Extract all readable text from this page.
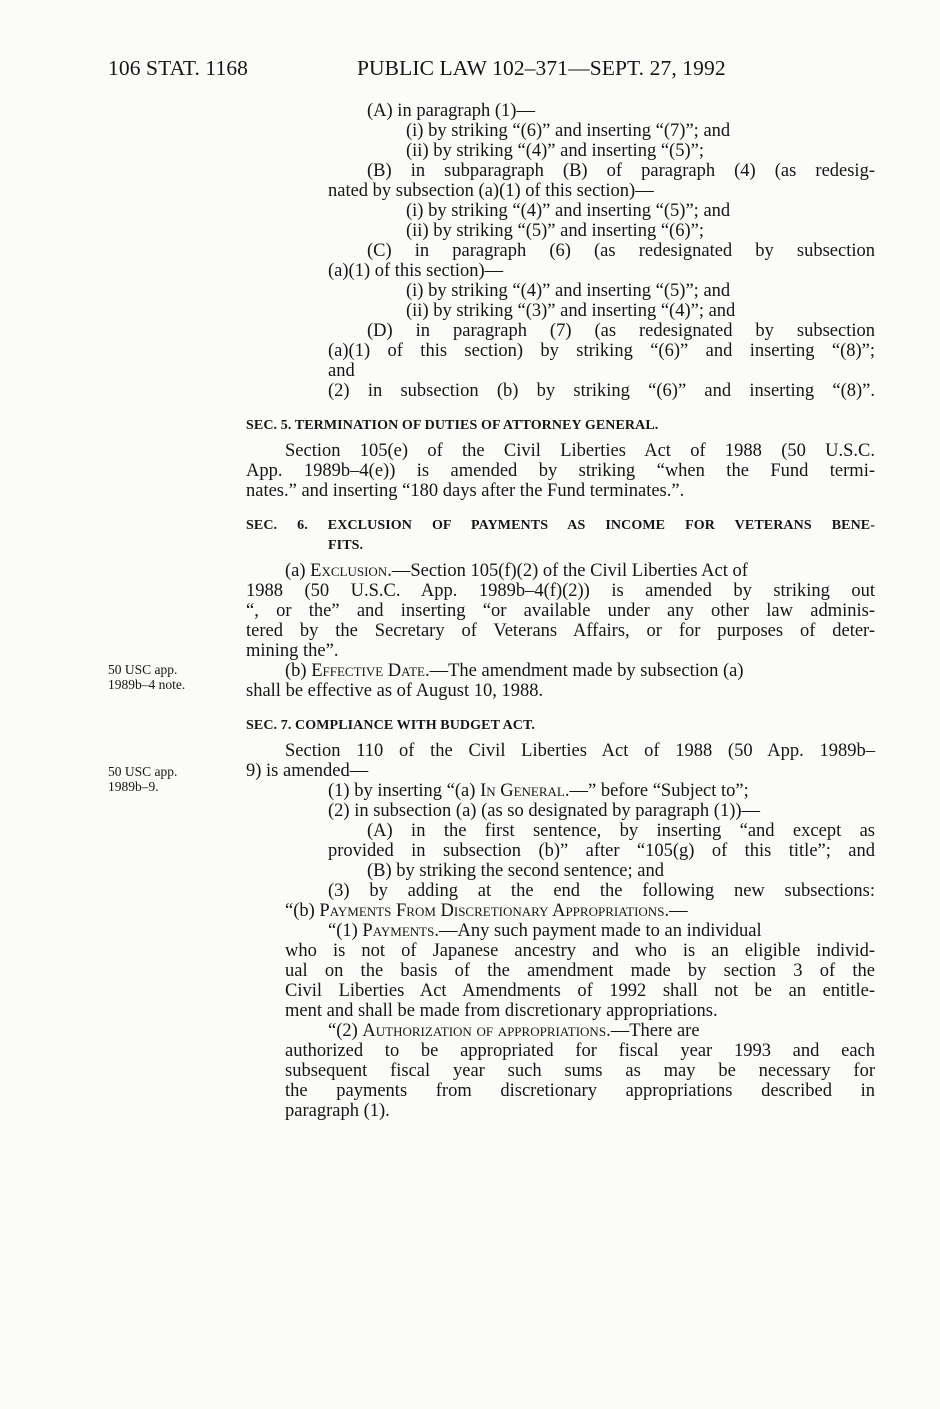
106 STAT. 1168	PUBLIC LAW 102–371—SEPT. 27, 1992
(A) in paragraph (1)—
(i) by striking “(6)” and inserting “(7)”; and
(ii) by striking “(4)” and inserting “(5)”;
(B) in subparagraph (B) of paragraph (4) (as redesig-
nated by subsection (a)(1) of this section)—
(i) by striking “(4)” and inserting “(5)”; and
(ii) by striking “(5)” and inserting “(6)”;
(C) in paragraph (6) (as redesignated by subsection
(a)(1) of this section)—
(i) by striking “(4)” and inserting “(5)”; and
(ii) by striking “(3)” and inserting “(4)”; and
(D) in paragraph (7) (as redesignated by subsection
(a)(1) of this section) by striking “(6)” and inserting “(8)”;
and
(2) in subsection (b) by striking “(6)” and inserting “(8)”.
SEC. 5. TERMINATION OF DUTIES OF ATTORNEY GENERAL.
Section 105(e) of the Civil Liberties Act of 1988 (50 U.S.C.
App. 1989b–4(e)) is amended by striking “when the Fund termi-
nates.” and inserting “180 days after the Fund terminates.”.
SEC. 6. EXCLUSION OF PAYMENTS AS INCOME FOR VETERANS BENE-
FITS.
(a) Exclusion.—Section 105(f)(2) of the Civil Liberties Act of
1988 (50 U.S.C. App. 1989b–4(f)(2)) is amended by striking out
“, or the” and inserting “or available under any other law adminis-
tered by the Secretary of Veterans Affairs, or for purposes of deter-
mining the”.
50 USC app.
1989b–4 note.
(b) Effective Date.—The amendment made by subsection (a)
shall be effective as of August 10, 1988.
SEC. 7. COMPLIANCE WITH BUDGET ACT.
Section 110 of the Civil Liberties Act of 1988 (50 App. 1989b–
50 USC app.
1989b–9.
9) is amended—
(1) by inserting “(a) In General.—” before “Subject to”;
(2) in subsection (a) (as so designated by paragraph (1))—
(A) in the first sentence, by inserting “and except as
provided in subsection (b)” after “105(g) of this title”; and
(B) by striking the second sentence; and
(3) by adding at the end the following new subsections:
“(b) Payments From Discretionary Appropriations.—
“(1) Payments.—Any such payment made to an individual
who is not of Japanese ancestry and who is an eligible individ-
ual on the basis of the amendment made by section 3 of the
Civil Liberties Act Amendments of 1992 shall not be an entitle-
ment and shall be made from discretionary appropriations.
“(2) Authorization of appropriations.—There are
authorized to be appropriated for fiscal year 1993 and each
subsequent fiscal year such sums as may be necessary for
the payments from discretionary appropriations described in
paragraph (1).
